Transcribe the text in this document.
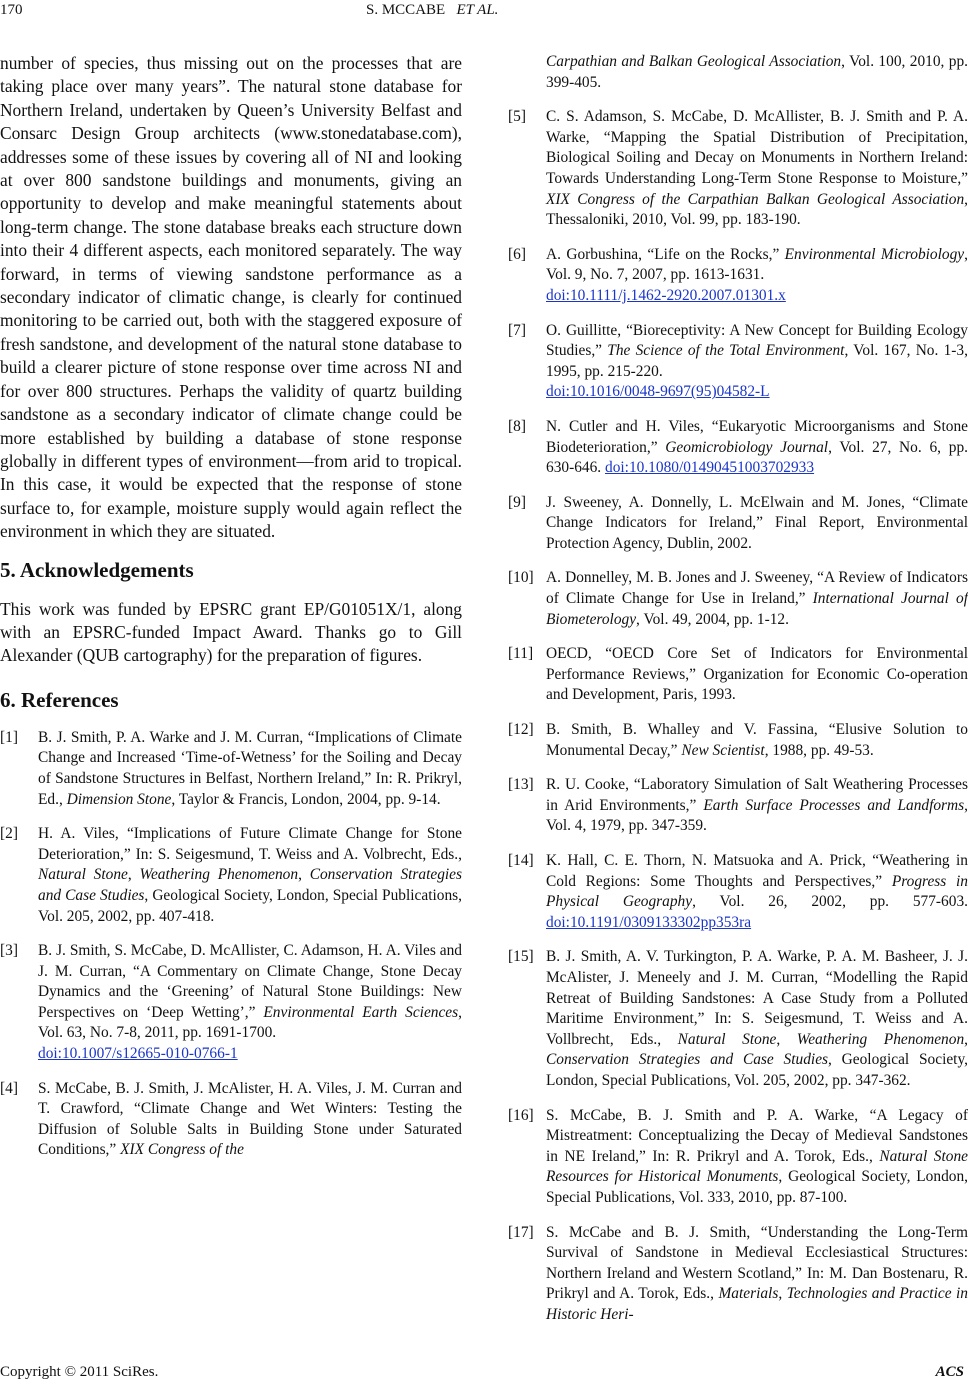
170	S. MCCABE ET AL.

number of species, thus missing out on the processes that are taking place over many years”. The natural stone database for Northern Ireland, undertaken by Queen’s University Belfast and Consarc Design Group architects (www.stonedatabase.com), addresses some of these issues by covering all of NI and looking at over 800 sandstone buildings and monuments, giving an opportunity to develop and make meaningful statements about long-term change. The stone database breaks each structure down into their 4 different aspects, each monitored separately. The way forward, in terms of viewing sandstone performance as a secondary indicator of climatic change, is clearly for continued monitoring to be carried out, both with the staggered exposure of fresh sandstone, and development of the natural stone database to build a clearer picture of stone response over time across NI and for over 800 structures. Perhaps the validity of quartz building sandstone as a secondary indicator of climate change could be more established by building a database of stone response globally in different types of environment―from arid to tropical. In this case, it would be expected that the response of stone surface to, for example, moisture supply would again reflect the environment in which they are situated.

5. Acknowledgements

This work was funded by EPSRC grant EP/G01051X/1, along with an EPSRC-funded Impact Award. Thanks go to Gill Alexander (QUB cartography) for the preparation of figures.

6. References
[1] B. J. Smith, P. A. Warke and J. M. Curran, “Implications of Climate Change and Increased ‘Time-of-Wetness’ for the Soiling and Decay of Sandstone Structures in Belfast, Northern Ireland,” In: R. Prikryl, Ed., Dimension Stone, Taylor & Francis, London, 2004, pp. 9-14.
[2] H. A. Viles, “Implications of Future Climate Change for Stone Deterioration,” In: S. Seigesmund, T. Weiss and A. Volbrecht, Eds., Natural Stone, Weathering Phenomenon, Conservation Strategies and Case Studies, Geological Society, London, Special Publications, Vol. 205, 2002, pp. 407-418.
[3] B. J. Smith, S. McCabe, D. McAllister, C. Adamson, H. A. Viles and J. M. Curran, “A Commentary on Climate Change, Stone Decay Dynamics and the ‘Greening’ of Natural Stone Buildings: New Perspectives on ‘Deep Wetting’,” Environmental Earth Sciences, Vol. 63, No. 7-8, 2011, pp. 1691-1700.
doi:10.1007/s12665-010-0766-1
[4] S. McCabe, B. J. Smith, J. McAlister, H. A. Viles, J. M. Curran and T. Crawford, “Climate Change and Wet Winters: Testing the Diffusion of Soluble Salts in Building Stone under Saturated Conditions,” XIX Congress of the
Carpathian and Balkan Geological Association, Vol. 100, 2010, pp. 399-405.
[5] C. S. Adamson, S. McCabe, D. McAllister, B. J. Smith and P. A. Warke, “Mapping the Spatial Distribution of Precipitation, Biological Soiling and Decay on Monuments in Northern Ireland: Towards Understanding Long-Term Stone Response to Moisture,” XIX Congress of the Carpathian Balkan Geological Association, Thessaloniki, 2010, Vol. 99, pp. 183-190.
[6] A. Gorbushina, “Life on the Rocks,” Environmental Microbiology, Vol. 9, No. 7, 2007, pp. 1613-1631.
doi:10.1111/j.1462-2920.2007.01301.x
[7] O. Guillitte, “Bioreceptivity: A New Concept for Building Ecology Studies,” The Science of the Total Environment, Vol. 167, No. 1-3, 1995, pp. 215-220.
doi:10.1016/0048-9697(95)04582-L
[8] N. Cutler and H. Viles, “Eukaryotic Microorganisms and Stone Biodeterioration,” Geomicrobiology Journal, Vol. 27, No. 6, pp. 630-646. doi:10.1080/01490451003702933
[9] J. Sweeney, A. Donnelly, L. McElwain and M. Jones, “Climate Change Indicators for Ireland,” Final Report, Environmental Protection Agency, Dublin, 2002.
[10] A. Donnelley, M. B. Jones and J. Sweeney, “A Review of Indicators of Climate Change for Use in Ireland,” International Journal of Biometerology, Vol. 49, 2004, pp. 1-12.
[11] OECD, “OECD Core Set of Indicators for Environmental Performance Reviews,” Organization for Economic Co-operation and Development, Paris, 1993.
[12] B. Smith, B. Whalley and V. Fassina, “Elusive Solution to Monumental Decay,” New Scientist, 1988, pp. 49-53.
[13] R. U. Cooke, “Laboratory Simulation of Salt Weathering Processes in Arid Environments,” Earth Surface Processes and Landforms, Vol. 4, 1979, pp. 347-359.
[14] K. Hall, C. E. Thorn, N. Matsuoka and A. Prick, “Weathering in Cold Regions: Some Thoughts and Perspectives,” Progress in Physical Geography, Vol. 26, 2002, pp. 577-603. doi:10.1191/0309133302pp353ra
[15] B. J. Smith, A. V. Turkington, P. A. Warke, P. A. M. Basheer, J. J. McAlister, J. Meneely and J. M. Curran, “Modelling the Rapid Retreat of Building Sandstones: A Case Study from a Polluted Maritime Environment,” In: S. Seigesmund, T. Weiss and A. Vollbrecht, Eds., Natural Stone, Weathering Phenomenon, Conservation Strategies and Case Studies, Geological Society, London, Special Publications, Vol. 205, 2002, pp. 347-362.
[16] S. McCabe, B. J. Smith and P. A. Warke, “A Legacy of Mistreatment: Conceptualizing the Decay of Medieval Sandstones in NE Ireland,” In: R. Prikryl and A. Torok, Eds., Natural Stone Resources for Historical Monuments, Geological Society, London, Special Publications, Vol. 333, 2010, pp. 87-100.
[17] S. McCabe and B. J. Smith, “Understanding the Long-Term Survival of Sandstone in Medieval Ecclesiastical Structures: Northern Ireland and Western Scotland,” In: M. Dan Bostenaru, R. Prikryl and A. Torok, Eds., Materials, Technologies and Practice in Historic Heri-
Copyright © 2011 SciRes.	ACS
